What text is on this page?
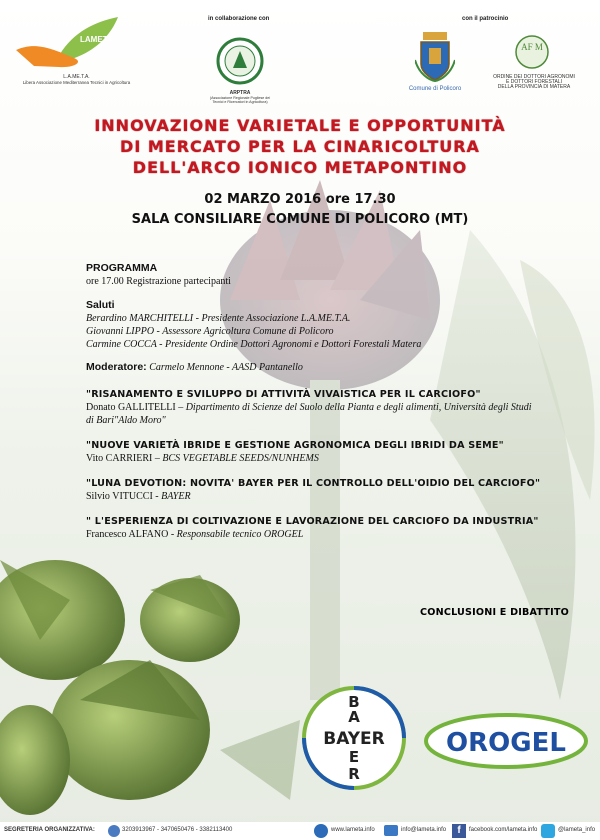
LAMETA
L.A.ME.T.A.
Libera Associazione Mediterranea Tecnici in Agricoltura
in collaborazione con
ARPTRA
(Associazione Regionale Pugliese dei Tecnici e Ricercatori in Agricoltura)
con il patrocinio
Comune di Policoro
AF M
ORDINE DEI DOTTORI AGRONOMI
E DOTTORI FORESTALI
DELLA PROVINCIA DI MATERA
INNOVAZIONE VARIETALE E OPPORTUNITÀ
DI MERCATO PER LA CINARICOLTURA
DELL'ARCO IONICO METAPONTINO
02 MARZO 2016 ore 17.30
SALA CONSILIARE COMUNE DI POLICORO (MT)
PROGRAMMA
ore 17.00 Registrazione partecipanti
Saluti
Berardino MARCHITELLI - Presidente Associazione L.A.ME.T.A.
Giovanni LIPPO - Assessore Agricoltura Comune di Policoro
Carmine COCCA - Presidente Ordine Dottori Agronomi e Dottori Forestali Matera
Moderatore: Carmelo Mennone - AASD Pantanello
"RISANAMENTO E SVILUPPO DI ATTIVITÀ VIVAISTICA PER IL CARCIOFO"
Donato GALLITELLI – Dipartimento di Scienze del Suolo della Pianta e degli alimenti, Università degli Studi
di Bari"Aldo Moro"
"NUOVE VARIETÀ IBRIDE E GESTIONE AGRONOMICA DEGLI IBRIDI DA SEME"
Vito CARRIERI – BCS VEGETABLE SEEDS/NUNHEMS
"LUNA DEVOTION: NOVITA' BAYER PER IL CONTROLLO DELL'OIDIO DEL CARCIOFO"
Silvio VITUCCI - BAYER
" L'ESPERIENZA DI COLTIVAZIONE E LAVORAZIONE DEL CARCIOFO DA INDUSTRIA"
Francesco ALFANO - Responsabile tecnico OROGEL
CONCLUSIONI E DIBATTITO
BAYER
B
A
E
R
OROGEL
SEGRETERIA ORGANIZZATIVA:	3203913967 - 3470650476 - 3382113400	www.lameta.info	info@lameta.info	f	facebook.com/lameta.info	@lameta_info
